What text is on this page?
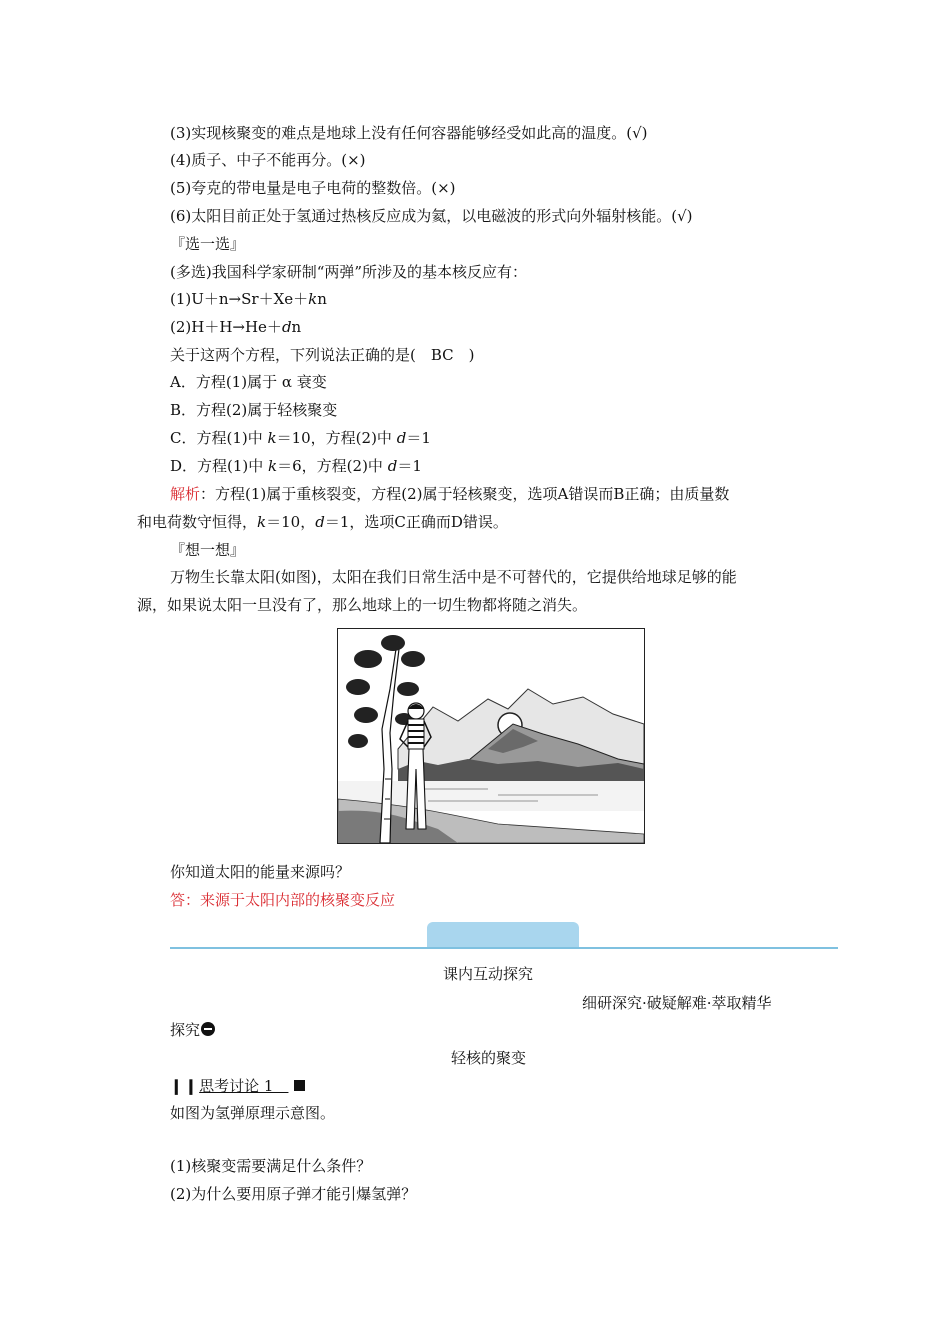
(3)实现核聚变的难点是地球上没有任何容器能够经受如此高的温度。(√)
(4)质子、中子不能再分。(×)
(5)夸克的带电量是电子电荷的整数倍。(×)
(6)太阳目前正处于氢通过热核反应成为氦，以电磁波的形式向外辐射核能。(√)
『选一选』
(多选)我国科学家研制“两弹”所涉及的基本核反应有：
(1)U＋n→Sr＋Xe＋kn
(2)H＋H→He＋dn
关于这两个方程，下列说法正确的是(　BC　)
A．方程(1)属于 α 衰变
B．方程(2)属于轻核聚变
C．方程(1)中 k＝10，方程(2)中 d＝1
D．方程(1)中 k＝6，方程(2)中 d＝1
解析：方程(1)属于重核裂变，方程(2)属于轻核聚变，选项A错误而B正确；由质量数
和电荷数守恒得，k＝10，d＝1，选项C正确而D错误。
『想一想』
万物生长靠太阳(如图)，太阳在我们日常生活中是不可替代的，它提供给地球足够的能
源，如果说太阳一旦没有了，那么地球上的一切生物都将随之消失。
你知道太阳的能量来源吗？
答：来源于太阳内部的核聚变反应
课内互动探究
细研深究·破疑解难·萃取精华
探究
轻核的聚变
❙❙思考讨论 1　
如图为氢弹原理示意图。
(1)核聚变需要满足什么条件？
(2)为什么要用原子弹才能引爆氢弹？
